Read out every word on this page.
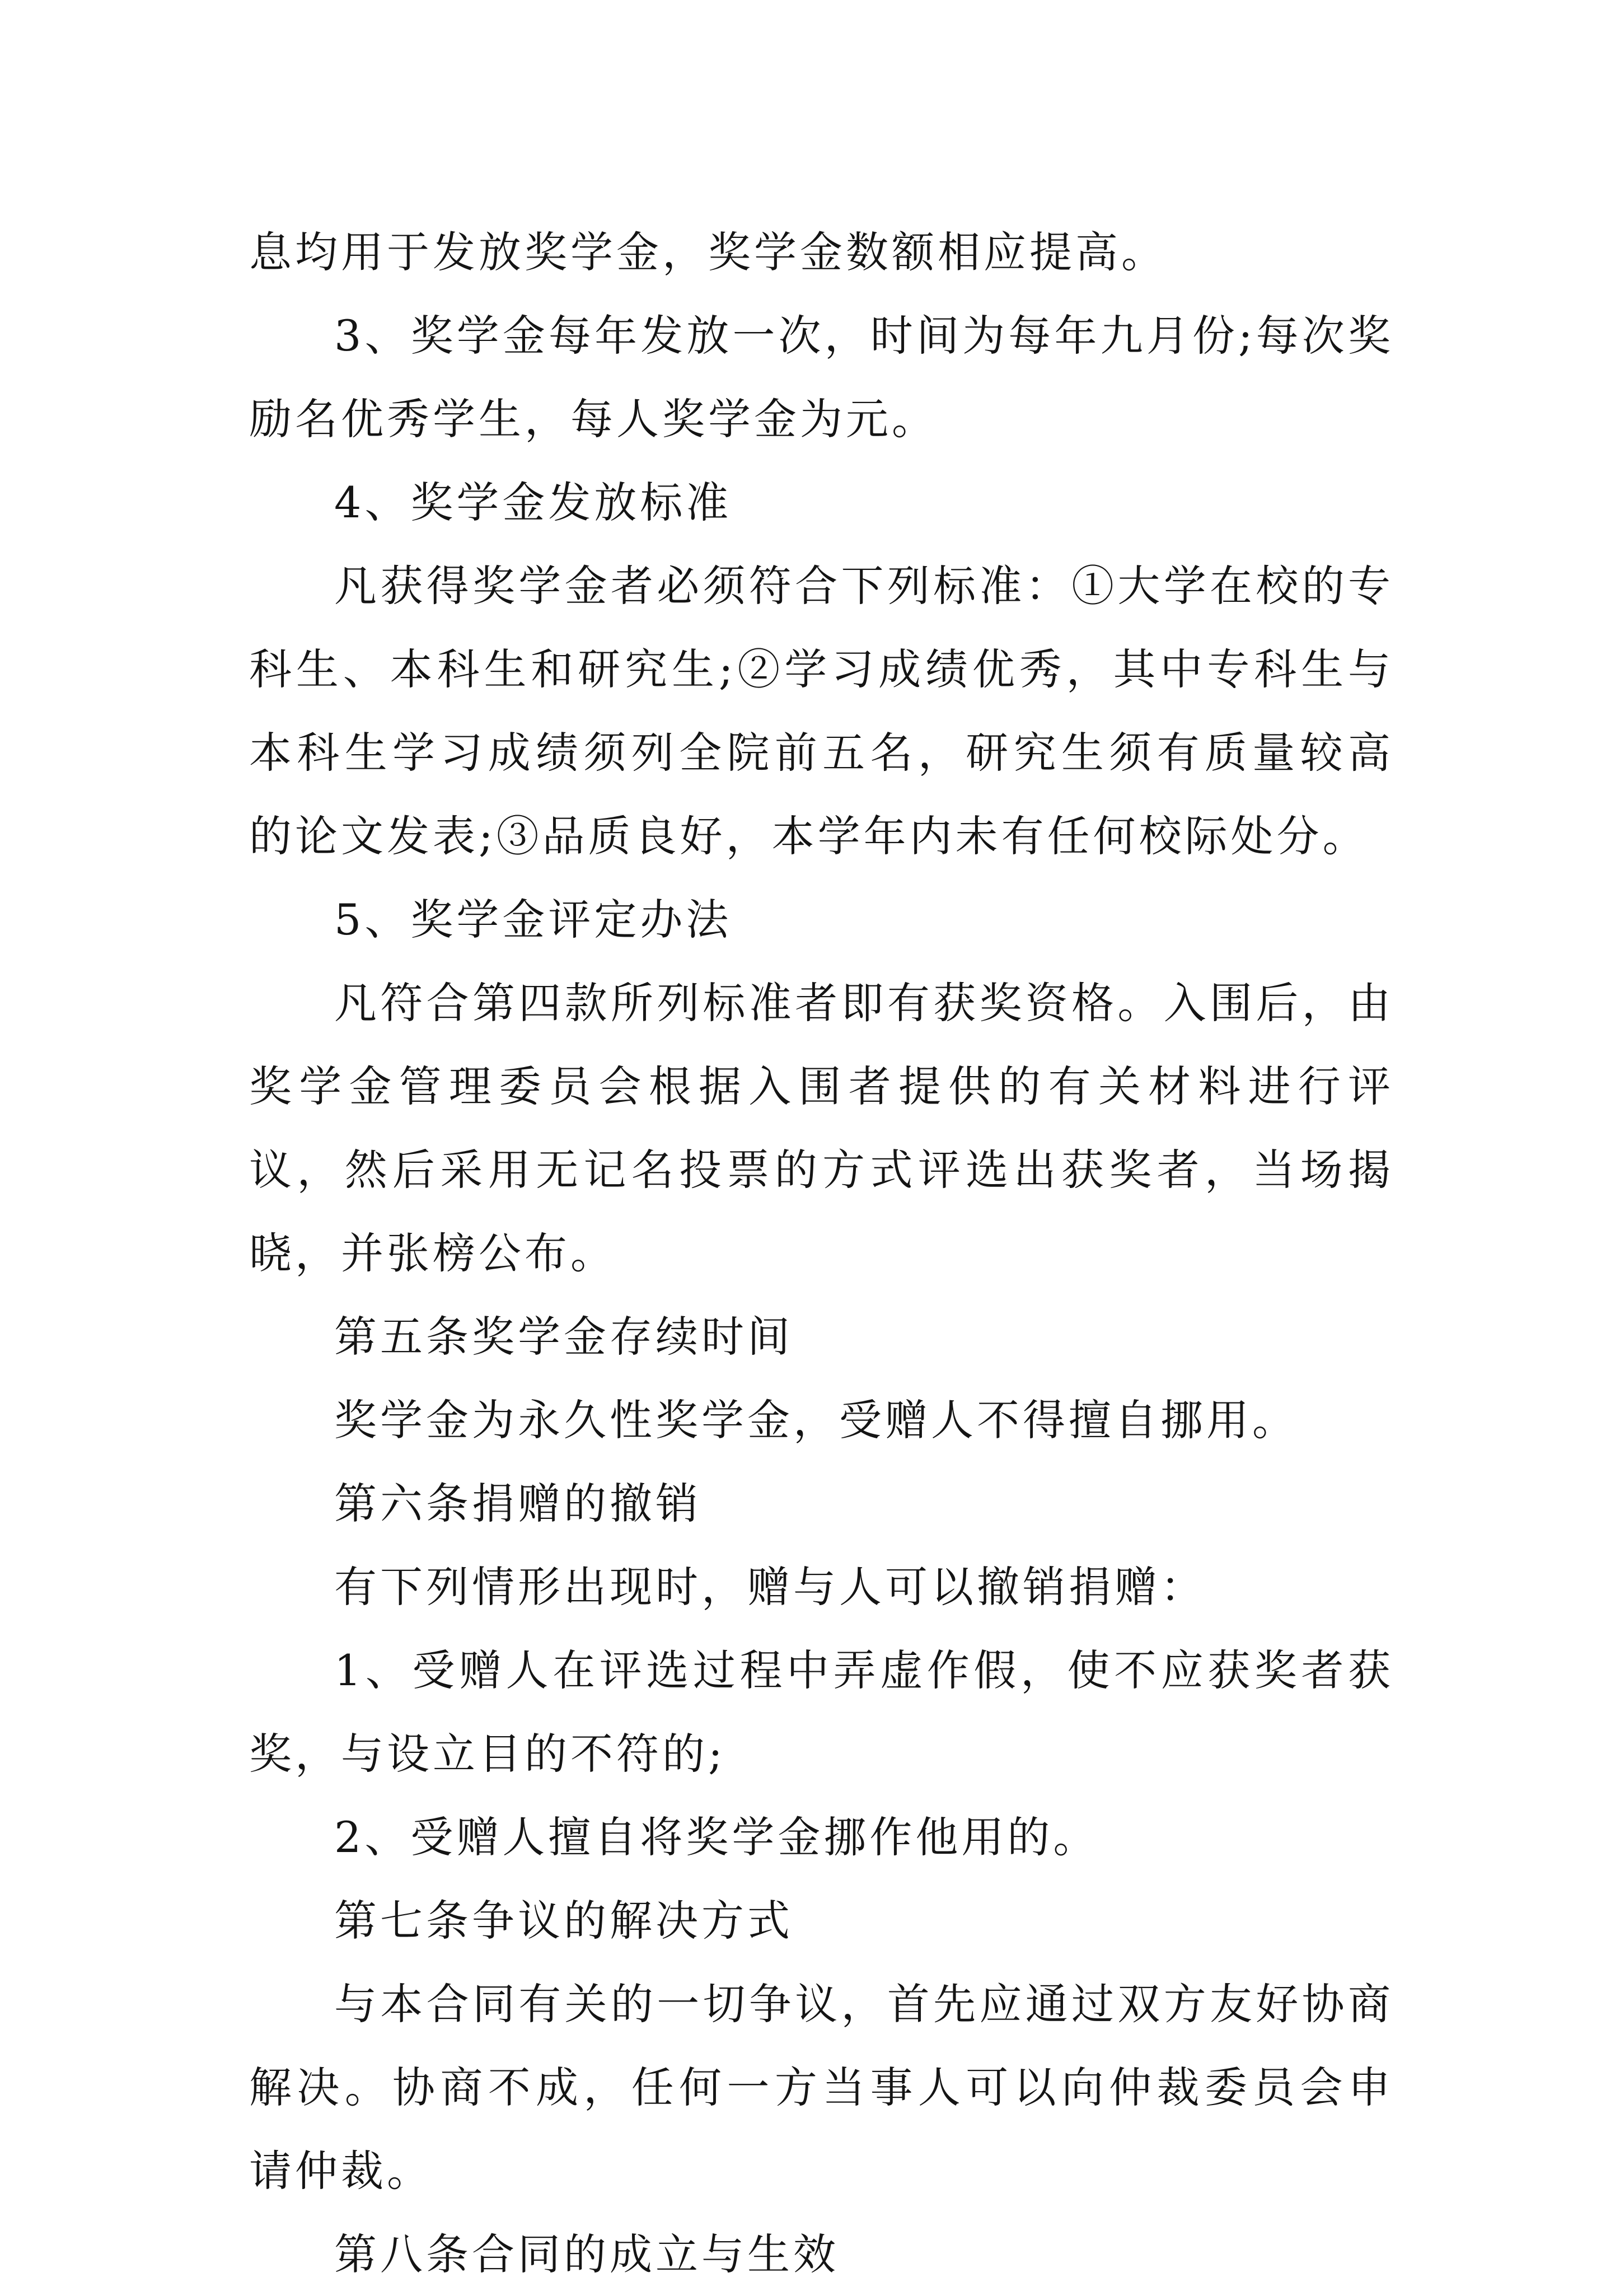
息均用于发放奖学金，奖学金数额相应提高。

3、奖学金每年发放一次，时间为每年九月份;每次奖励名优秀学生，每人奖学金为元。

4、奖学金发放标准

凡获得奖学金者必须符合下列标准：①大学在校的专科生、本科生和研究生;②学习成绩优秀，其中专科生与本科生学习成绩须列全院前五名，研究生须有质量较高的论文发表;③品质良好，本学年内未有任何校际处分。

5、奖学金评定办法

凡符合第四款所列标准者即有获奖资格。入围后，由奖学金管理委员会根据入围者提供的有关材料进行评议，然后采用无记名投票的方式评选出获奖者，当场揭晓，并张榜公布。

第五条奖学金存续时间

奖学金为永久性奖学金，受赠人不得擅自挪用。

第六条捐赠的撤销

有下列情形出现时，赠与人可以撤销捐赠：

1、受赠人在评选过程中弄虚作假，使不应获奖者获奖，与设立目的不符的;

2、受赠人擅自将奖学金挪作他用的。

第七条争议的解决方式

与本合同有关的一切争议，首先应通过双方友好协商解决。协商不成，任何一方当事人可以向仲裁委员会申请仲裁。

第八条合同的成立与生效
